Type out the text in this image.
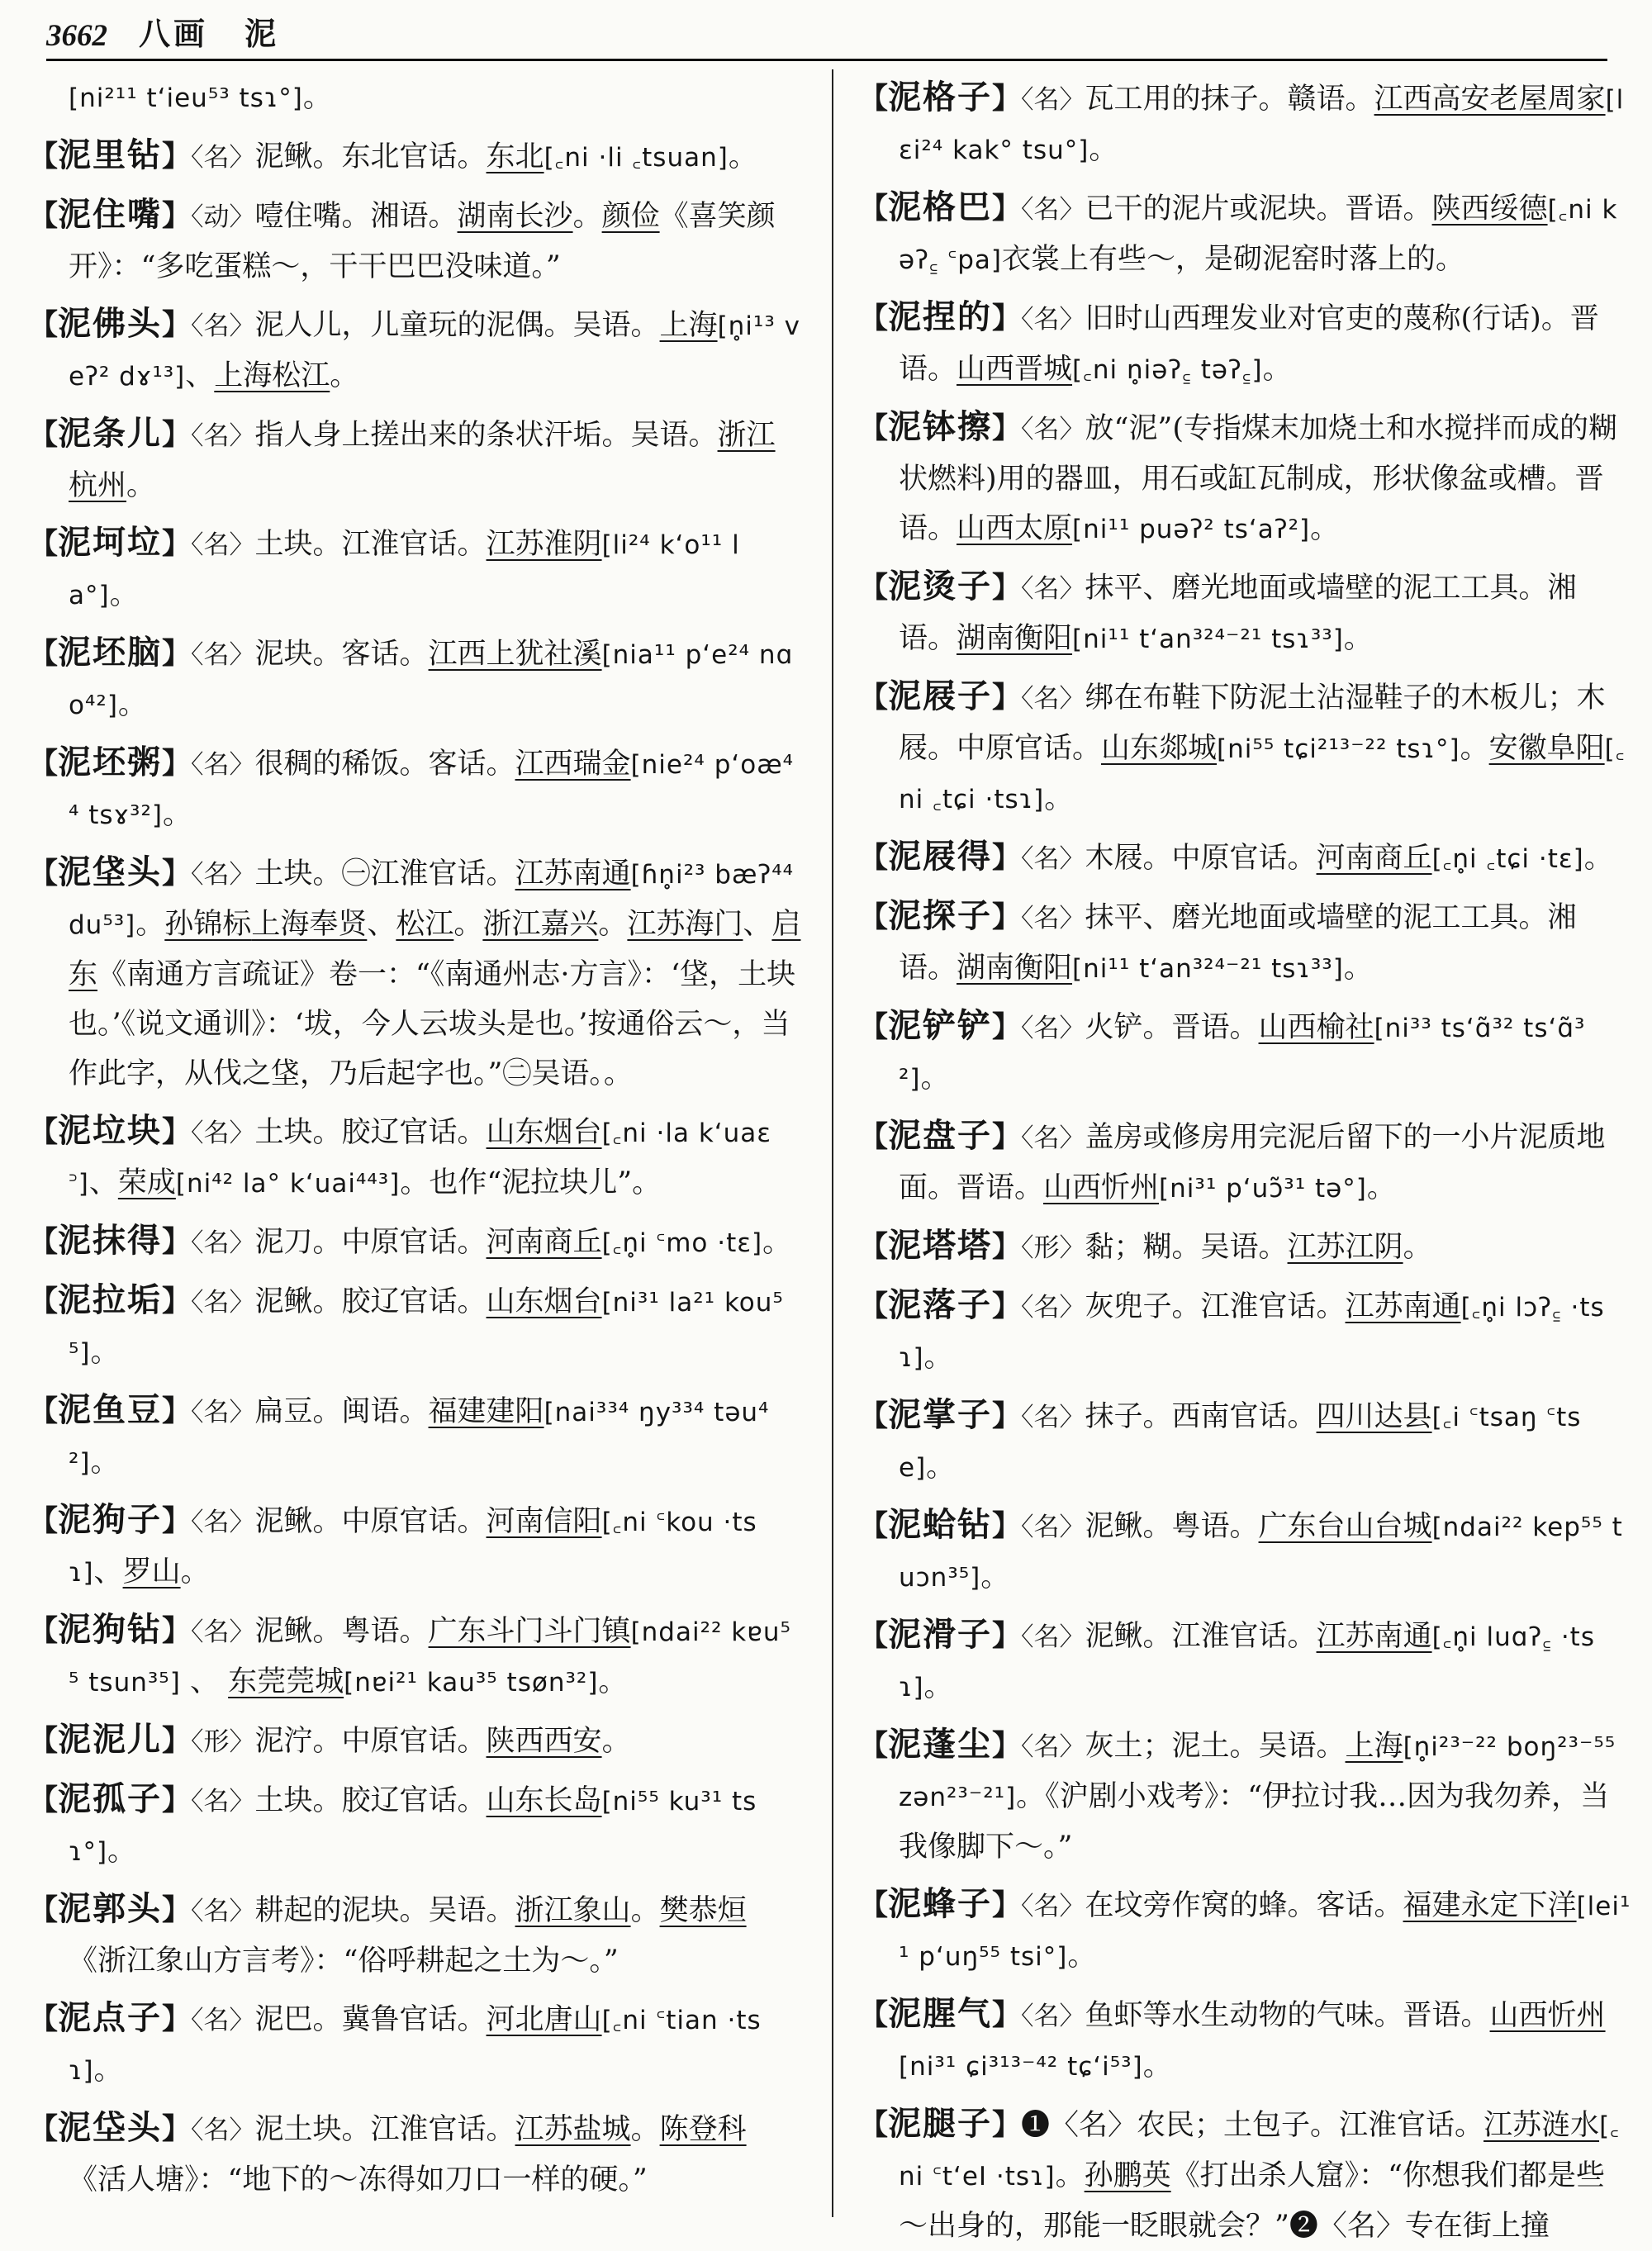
3662 八画 泥

[ni²¹¹ t‘ieu⁵³ tsɿ°]。

【泥里钻】〈名〉泥鳅。东北官话。东北[꜀ni ·li ꜀tsuan]。

【泥住嘴】〈动〉噎住嘴。湘语。湖南长沙。颜俭《喜笑颜开》：“多吃蛋糕～，干干巴巴没味道。”

【泥佛头】〈名〉泥人儿，儿童玩的泥偶。吴语。上海[n̥i¹³ veʔ² dɤ¹³]、上海松江。

【泥条儿】〈名〉指人身上搓出来的条状汗垢。吴语。浙江杭州。

【泥坷垃】〈名〉土块。江淮官话。江苏淮阴[li²⁴ k‘o¹¹ la°]。

【泥坯脑】〈名〉泥块。客话。江西上犹社溪[nia¹¹ p‘e²⁴ nɑo⁴²]。

【泥坯粥】〈名〉很稠的稀饭。客话。江西瑞金[nie²⁴ p‘oæ⁴⁴ tsɤ³²]。

【泥垡头】〈名〉土块。㊀江淮官话。江苏南通[ɦn̥i²³ bæʔ⁴⁴ du⁵³]。孙锦标上海奉贤、松江。浙江嘉兴。江苏海门、启东《南通方言疏证》卷一：“《南通州志·方言》：‘垡，土块也。’《说文通训》：‘坺，今人云坺头是也。’按通俗云～，当作此字，从伐之垡，乃后起字也。”㊁吴语。。

【泥垃块】〈名〉土块。胶辽官话。山东烟台[꜀ni ·la k‘uaɛ꜄]、荣成[ni⁴² la° k‘uai⁴⁴³]。也作“泥拉块儿”。

【泥抹得】〈名〉泥刀。中原官话。河南商丘[꜀n̥i ꜂mo ·tɛ]。

【泥拉垢】〈名〉泥鳅。胶辽官话。山东烟台[ni³¹ la²¹ kou⁵⁵]。

【泥鱼豆】〈名〉扁豆。闽语。福建建阳[nai³³⁴ ŋy³³⁴ təu⁴²]。

【泥狗子】〈名〉泥鳅。中原官话。河南信阳[꜀ni ꜂kou ·tsɿ]、罗山。

【泥狗钻】〈名〉泥鳅。粤语。广东斗门斗门镇[ndai²² kɐu⁵⁵ tsun³⁵] 、 东莞莞城[nɐi²¹ kau³⁵ tsøn³²]。

【泥泥儿】〈形〉泥泞。中原官话。陕西西安。

【泥孤子】〈名〉土块。胶辽官话。山东长岛[ni⁵⁵ ku³¹ tsɿ°]。

【泥郭头】〈名〉耕起的泥块。吴语。浙江象山。樊恭烜《浙江象山方言考》：“俗呼耕起之土为～。”

【泥点子】〈名〉泥巴。冀鲁官话。河北唐山[꜀ni ꜂tian ·tsɿ]。

【泥垈头】〈名〉泥土块。江淮官话。江苏盐城。陈登科《活人塘》：“地下的～冻得如刀口一样的硬。”

【泥格子】〈名〉瓦工用的抹子。赣语。江西高安老屋周家[lɛi²⁴ kak° tsu°]。

【泥格巴】〈名〉已干的泥片或泥块。晋语。陕西绥德[꜀ni kəʔ꜁ ꜂pa]衣裳上有些～，是砌泥窑时落上的。

【泥捏的】〈名〉旧时山西理发业对官吏的蔑称(行话)。晋语。山西晋城[꜀ni n̥iəʔ꜁ təʔ꜁]。

【泥钵擦】〈名〉放“泥”(专指煤末加烧土和水搅拌而成的糊状燃料)用的器皿，用石或缸瓦制成，形状像盆或槽。晋语。山西太原[ni¹¹ puəʔ² ts‘aʔ²]。

【泥烫子】〈名〉抹平、磨光地面或墙壁的泥工工具。湘语。湖南衡阳[ni¹¹ t‘an³²⁴⁻²¹ tsɿ³³]。

【泥屐子】〈名〉绑在布鞋下防泥土沾湿鞋子的木板儿；木屐。中原官话。山东郯城[ni⁵⁵ tɕi²¹³⁻²² tsɿ°]。安徽阜阳[꜀ni ꜀tɕi ·tsɿ]。

【泥屐得】〈名〉木屐。中原官话。河南商丘[꜀n̥i ꜀tɕi ·tɛ]。

【泥探子】〈名〉抹平、磨光地面或墙壁的泥工工具。湘语。湖南衡阳[ni¹¹ t‘an³²⁴⁻²¹ tsɿ³³]。

【泥铲铲】〈名〉火铲。晋语。山西榆社[ni³³ ts‘ɑ̃³² ts‘ɑ̃³²]。

【泥盘子】〈名〉盖房或修房用完泥后留下的一小片泥质地面。晋语。山西忻州[ni³¹ p‘uɔ̃³¹ tə°]。

【泥塔塔】〈形〉黏；糊。吴语。江苏江阴。

【泥落子】〈名〉灰兜子。江淮官话。江苏南通[꜀n̥i lɔʔ꜁ ·tsɿ]。

【泥掌子】〈名〉抹子。西南官话。四川达县[꜀i ꜂tsaŋ ꜂tse]。

【泥蛤钻】〈名〉泥鳅。粤语。广东台山台城[ndai²² kep⁵⁵ tuɔn³⁵]。

【泥滑子】〈名〉泥鳅。江淮官话。江苏南通[꜀n̥i luɑʔ꜁ ·tsɿ]。

【泥蓬尘】〈名〉灰土；泥土。吴语。上海[n̥i²³⁻²² boŋ²³⁻⁵⁵ zən²³⁻²¹]。《沪剧小戏考》：“伊拉讨我…因为我勿养，当我像脚下～。”

【泥蜂子】〈名〉在坟旁作窝的蜂。客话。福建永定下洋[lei¹¹ p‘uŋ⁵⁵ tsi°]。

【泥腥气】〈名〉鱼虾等水生动物的气味。晋语。山西忻州[ni³¹ ɕi³¹³⁻⁴² tɕ‘i⁵³]。

【泥腿子】❶〈名〉农民；土包子。江淮官话。江苏涟水[꜀ni ꜂t‘eI ·tsɿ]。孙鹏英《打出杀人窟》：“你想我们都是些～出身的，那能一眨眼就会？”❷〈名〉专在街上撞
